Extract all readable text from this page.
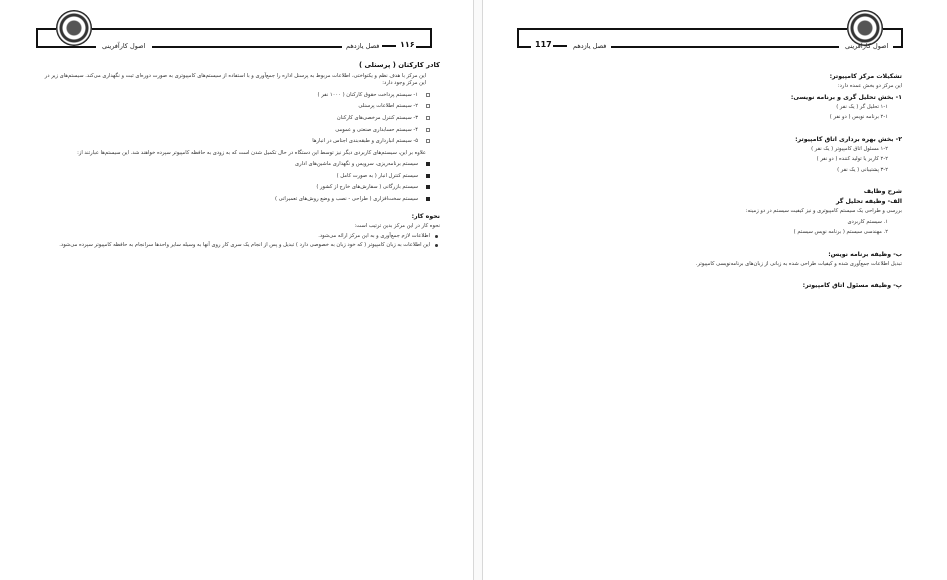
اصول کارآفرینی	فصل یازدهم	۱۱۶
کادر کارکنان ( پرسنلی )

این مرکز با هدف نظم و یکنواختی، اطلاعات مربوط به پرسنل اداره را جمع‌آوری و با استفاده از سیستم‌های کامپیوتری به صورت دوره‌ای ثبت و نگهداری می‌کند. سیستم‌های زیر در این مرکز وجود دارد:

۱- سیستم پرداخت حقوق کارکنان ( ۱۰۰۰ نفر )
۲- سیستم اطلاعات پرسنلی
۳- سیستم کنترل مرخصی‌های کارکنان
۴- سیستم حسابداری صنعتی و عمومی
۵- سیستم انبارداری و طبقه‌بندی اجناس در انبارها

علاوه بر این، سیستم‌های کاربردی دیگر نیز توسط این دستگاه در حال تکمیل شدن است که به زودی به حافظه کامپیوتر سپرده خواهند شد. این سیستم‌ها عبارتند از:

سیستم برنامه‌ریزی، سرویس و نگهداری ماشین‌های اداری
سیستم کنترل انبار ( به صورت کامل )
سیستم بازرگانی ( سفارش‌های خارج از کشور )
سیستم سخت‌افزاری ( طراحی - نصب و وضع روش‌های تعمیراتی )
نحوه کار:

نحوه کار در این مرکز بدین ترتیب است:

اطلاعات لازم جمع‌آوری و به این مرکز ارائه می‌شود.
این اطلاعات به زبان کامپیوتر ( که خود زبان به خصوصی دارد ) تبدیل و پس از انجام یک سری کار روی آنها به وسیله سایر واحدها سرانجام به حافظه کامپیوتر سپرده می‌شود.
117	فصل یازدهم	اصول کارآفرینی
تشکیلات مرکز کامپیوتر:

این مرکز دو بخش عمده دارد:

۱- بخش تحلیل گری و برنامه نویسی:

۱-۱ تحلیل گر ( یک نفر )

۲-۱ برنامه نویس ( دو نفر )

۲- بخش بهره برداری اتاق کامپیوتر:

۱-۲ مسئول اتاق کامپیوتر ( یک نفر )

۲-۲ کاربر یا تولید کننده ( دو نفر )

۳-۲ پشتیبانی ( یک نفر )

شرح وظایف
الف- وظیفه تحلیل گر

بررسی و طراحی یک سیستم کامپیوتری و نیز کیفیت سیستم در دو زمینه:

۱. سیستم کاربردی

۲. مهندسی سیستم ( برنامه نویس سیستم )

ب- وظیفه برنامه نویس:

تبدیل اطلاعات جمع‌آوری شده و کیفیات طراحی شده به زبانی از زبان‌های برنامه‌نویسی کامپیوتر.

پ- وظیفه مسئول اتاق کامپیوتر:
